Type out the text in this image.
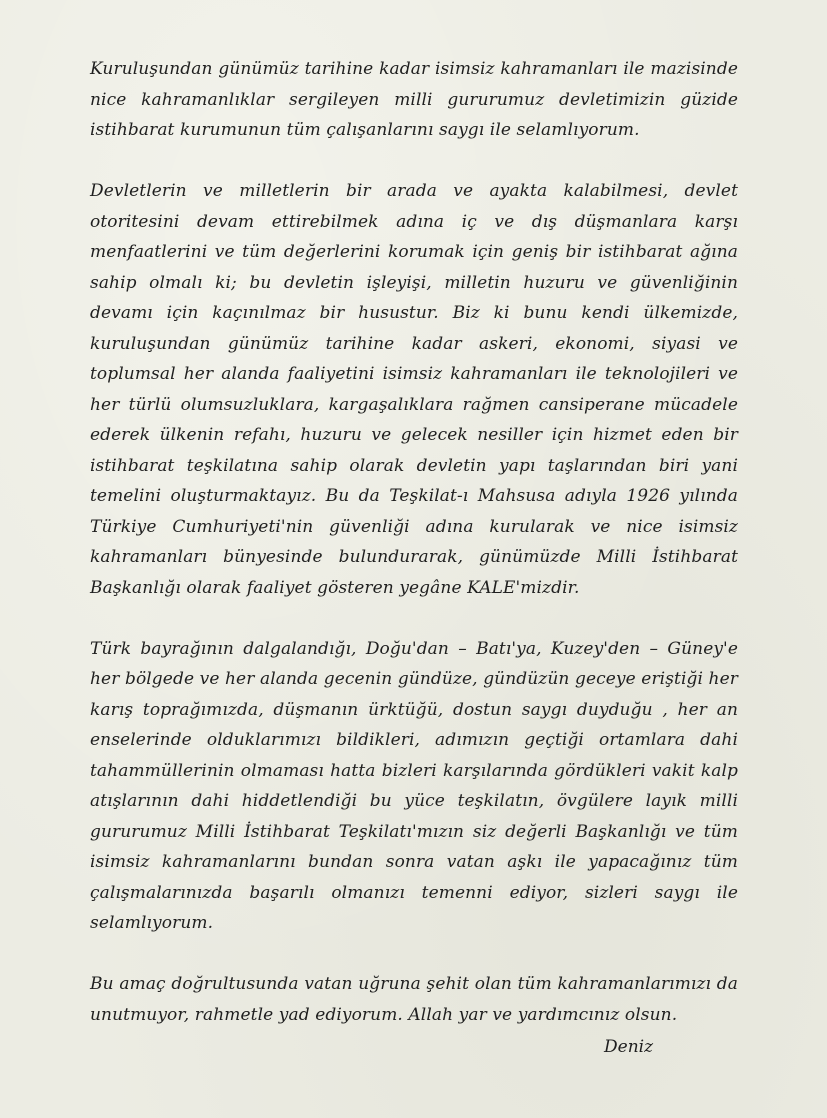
Kuruluşundan günümüz tarihine kadar isimsiz kahramanları ile mazisinde nice kahramanlıklar sergileyen milli gururumuz devletimizin güzide istihbarat kurumunun tüm çalışanlarını saygı ile selamlıyorum.

Devletlerin ve milletlerin bir arada ve ayakta kalabilmesi, devlet otoritesini devam ettirebilmek adına iç ve dış düşmanlara karşı menfaatlerini ve tüm değerlerini korumak için geniş bir istihbarat ağına sahip olmalı ki; bu devletin işleyişi, milletin huzuru ve güvenliğinin devamı için kaçınılmaz bir husustur. Biz ki bunu kendi ülkemizde, kuruluşundan günümüz tarihine kadar askeri, ekonomi, siyasi ve toplumsal her alanda faaliyetini isimsiz kahramanları ile teknolojileri ve her türlü olumsuzluklara, kargaşalıklara rağmen cansiperane mücadele ederek ülkenin refahı, huzuru ve gelecek nesiller için hizmet eden bir istihbarat teşkilatına sahip olarak devletin yapı taşlarından biri yani temelini oluşturmaktayız. Bu da Teşkilat-ı Mahsusa adıyla 1926 yılında Türkiye Cumhuriyeti'nin güvenliği adına kurularak ve nice isimsiz kahramanları bünyesinde bulundurarak, günümüzde Milli İstihbarat Başkanlığı olarak faaliyet gösteren yegâne KALE'mizdir.

Türk bayrağının dalgalandığı, Doğu'dan – Batı'ya, Kuzey'den – Güney'e her bölgede ve her alanda gecenin gündüze, gündüzün geceye eriştiği her karış toprağımızda, düşmanın ürktüğü, dostun saygı duyduğu , her an enselerinde olduklarımızı bildikleri, adımızın geçtiği ortamlara dahi tahammüllerinin olmaması hatta bizleri karşılarında gördükleri vakit kalp atışlarının dahi hiddetlendiği bu yüce teşkilatın, övgülere layık milli gururumuz Milli İstihbarat Teşkilatı'mızın siz değerli Başkanlığı ve tüm isimsiz kahramanlarını bundan sonra vatan aşkı ile yapacağınız tüm çalışmalarınızda başarılı olmanızı temenni ediyor, sizleri saygı ile selamlıyorum.

Bu amaç doğrultusunda vatan uğruna şehit olan tüm kahramanlarımızı da unutmuyor, rahmetle yad ediyorum. Allah yar ve yardımcınız olsun.

Deniz
